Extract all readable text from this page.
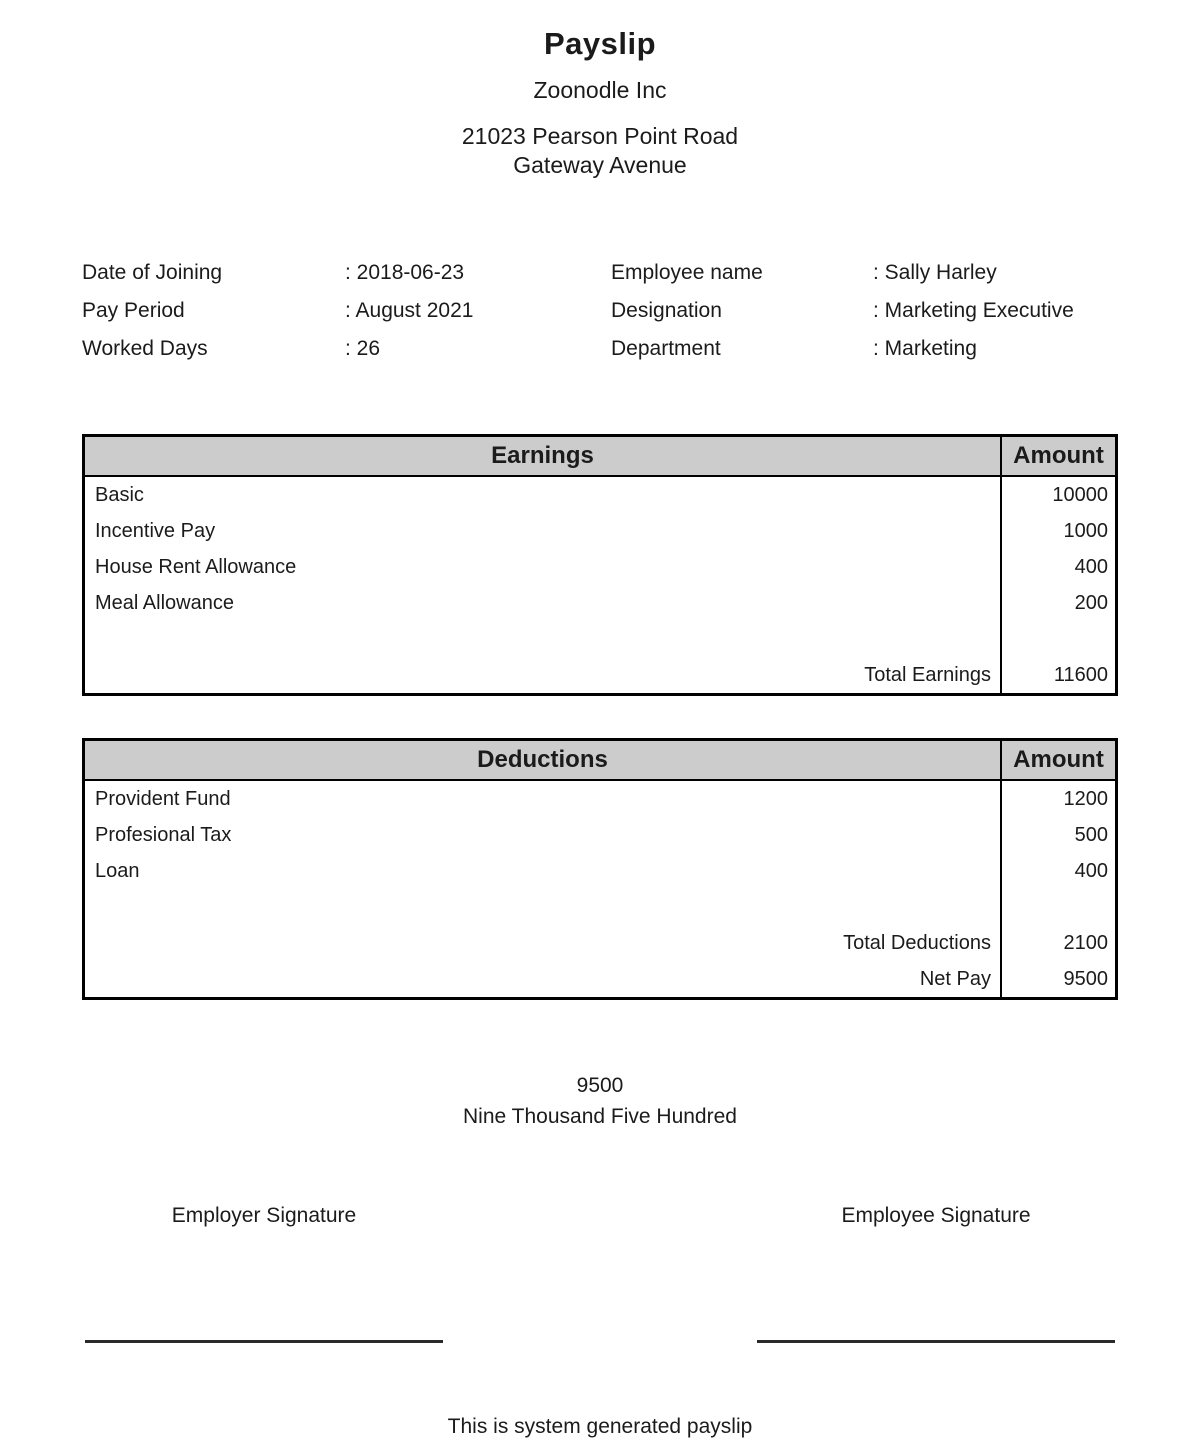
Payslip
Zoonodle Inc
21023 Pearson Point Road
Gateway Avenue
Date of Joining	: 2018-06-23	Employee name	: Sally Harley
Pay Period	: August 2021	Designation	: Marketing Executive
Worked Days	: 26	Department	: Marketing
Earnings	Amount
Basic	10000
Incentive Pay	1000
House Rent Allowance	400
Meal Allowance	200
Total Earnings	11600
Deductions	Amount
Provident Fund	1200
Profesional Tax	500
Loan	400
Total Deductions	2100
Net Pay	9500
9500
Nine Thousand Five Hundred
Employer Signature	Employee Signature
This is system generated payslip
